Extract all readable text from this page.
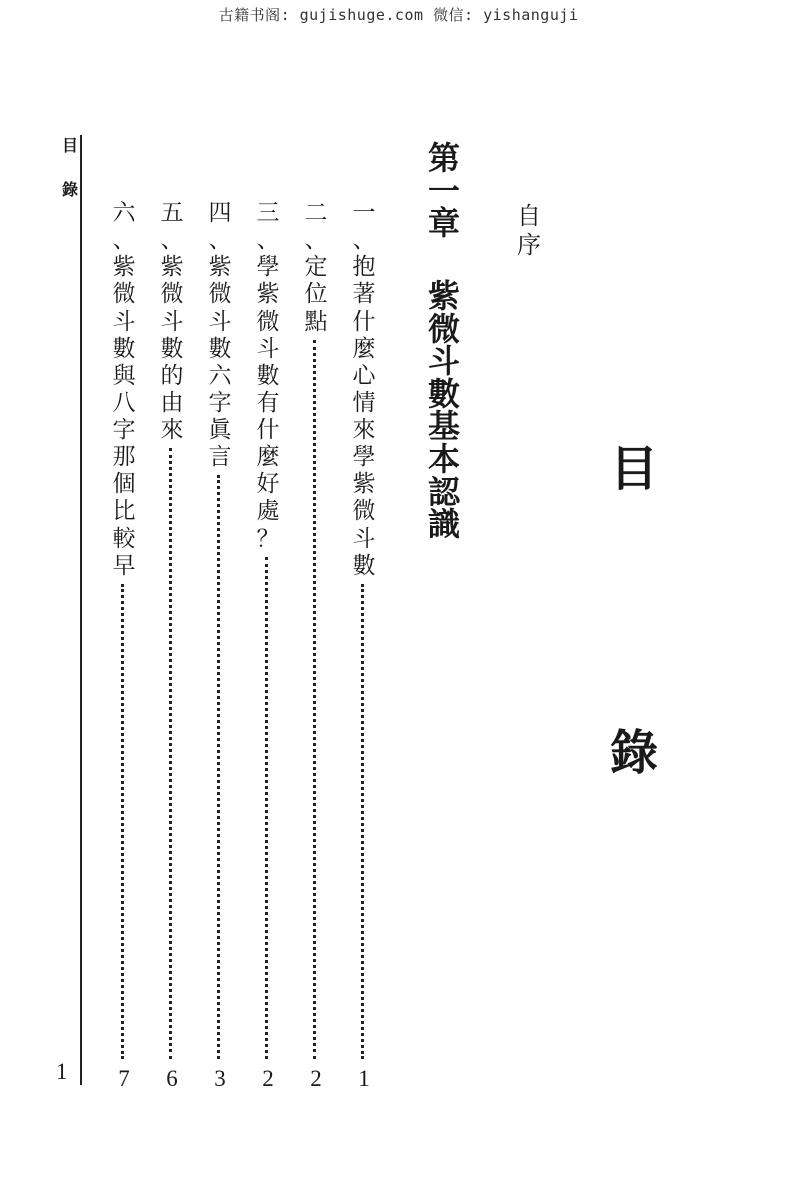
古籍书阁: gujishuge.com 微信: yishanguji
目
錄
1
目
錄
自
序
第
一
章
紫
微
斗
數
基
本
認
識
一
、
抱
著
什
麼
心
情
來
學
紫
微
斗
數
1
二
、
定
位
點
2
三
、
學
紫
微
斗
數
有
什
麼
好
處
？
2
四
、
紫
微
斗
數
六
字
眞
言
3
五
、
紫
微
斗
數
的
由
來
6
六
、
紫
微
斗
數
與
八
字
那
個
比
較
早
7
